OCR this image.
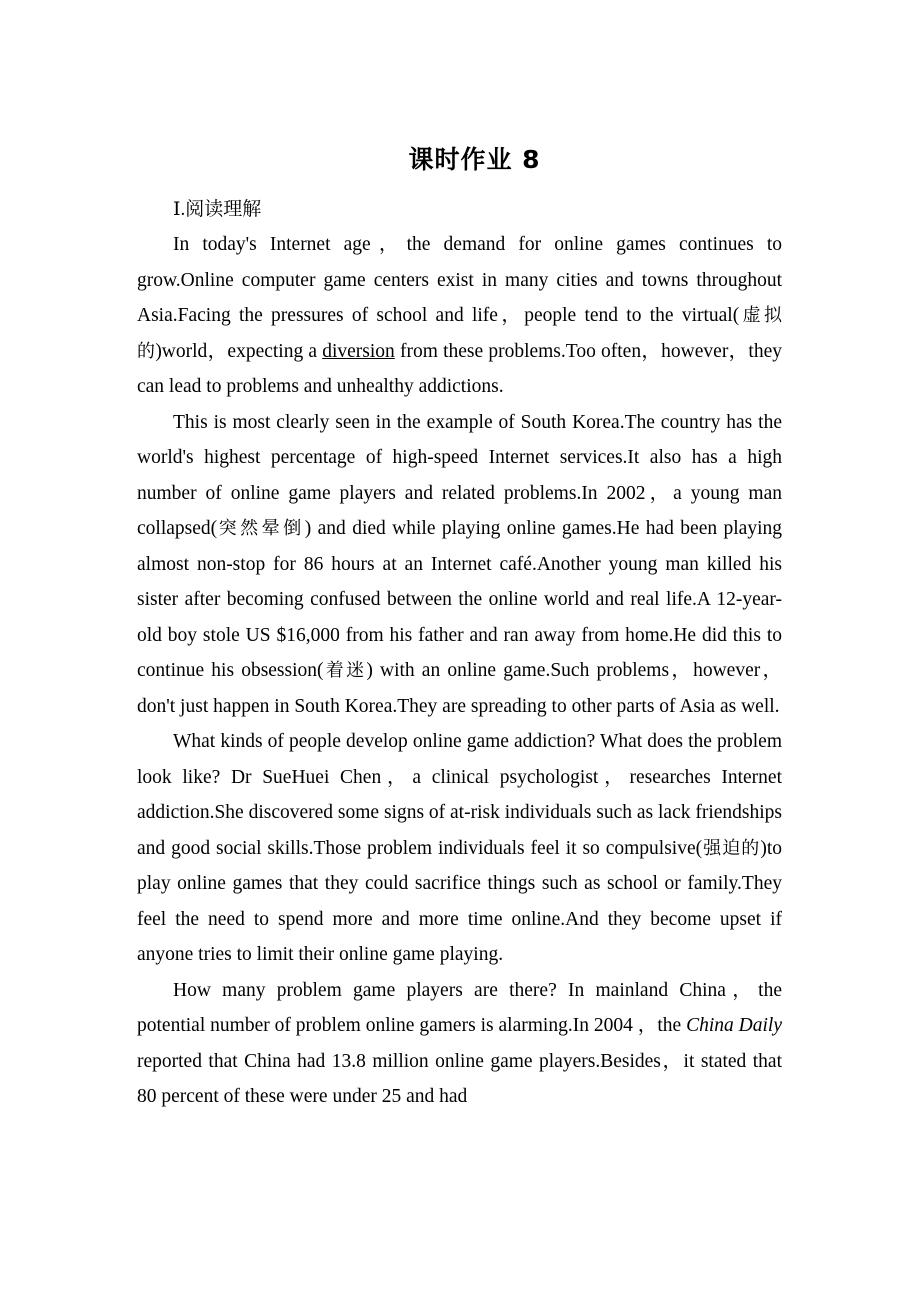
课时作业 8
Ⅰ.阅读理解

In today's Internet age，the demand for online games continues to grow.Online computer game centers exist in many cities and towns throughout Asia.Facing the pressures of school and life，people tend to the virtual(虚拟的)world，expecting a diversion from these problems.Too often，however，they can lead to problems and unhealthy addictions.

This is most clearly seen in the example of South Korea.The country has the world's highest percentage of high-speed Internet services.It also has a high number of online game players and related problems.In 2002，a young man collapsed(突然晕倒) and died while playing online games.He had been playing almost non-stop for 86 hours at an Internet café.Another young man killed his sister after becoming confused between the online world and real life.A 12-year-old boy stole US $16,000 from his father and ran away from home.He did this to continue his obsession(着迷) with an online game.Such problems，however，don't just happen in South Korea.They are spreading to other parts of Asia as well.

What kinds of people develop online game addiction? What does the problem look like? Dr SueHuei Chen，a clinical psychologist，researches Internet addiction.She discovered some signs of at-risk individuals such as lack friendships and good social skills.Those problem individuals feel it so compulsive(强迫的)to play online games that they could sacrifice things such as school or family.They feel the need to spend more and more time online.And they become upset if anyone tries to limit their online game playing.

How many problem game players are there? In mainland China，the potential number of problem online gamers is alarming.In 2004 ，the China Daily reported that China had 13.8 million online game players.Besides，it stated that 80 percent of these were under 25 and had
